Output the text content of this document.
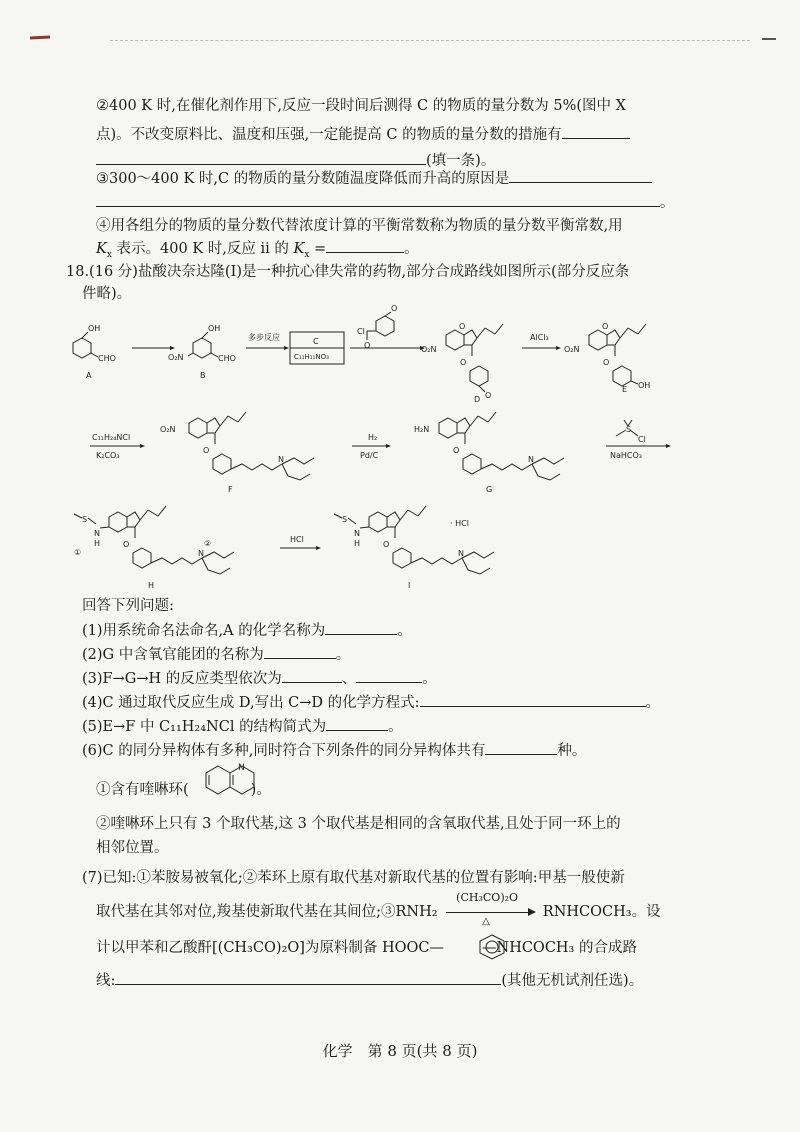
②400 K 时,在催化剂作用下,反应一段时间后测得 C 的物质的量分数为 5%(图中 X
点)。不改变原料比、温度和压强,一定能提高 C 的物质的量分数的措施有
(填一条)。
③300～400 K 时,C 的物质的量分数随温度降低而升高的原因是
。
④用各组分的物质的量分数代替浓度计算的平衡常数称为物质的量分数平衡常数,用
$K_x$ 表示。400 K 时,反应 ii 的 $K_x$ =	。
18.(16 分)盐酸决奈达隆(I)是一种抗心律失常的药物,部分合成路线如图所示(部分反应条
件略)。
OH
CHO
A
OH
CHO
O₂N
B
多步反应	C
C₁₁H₁₁NO₃
Cl
O
O
O
O₂N
O
O
D
AlCl₃
O
O₂N
O
OH
E
C₁₁H₂₄NCl
K₂CO₃
O₂N
O
N
F
H₂
Pd/C
H₂N
O
N
G
S
Cl
NaHCO₃
S
N
H
①
O
N
②
H
HCl
S
N
H	O
N
· HCl
I
回答下列问题:
(1)用系统命名法命名,A 的化学名称为	。
(2)G 中含氧官能团的名称为	。
(3)F→G→H 的反应类型依次为	、	。
(4)C 通过取代反应生成 D,写出 C→D 的化学方程式:	。
(5)E→F 中 C₁₁H₂₄NCl 的结构简式为	。
(6)C 的同分异构体有多种,同时符合下列条件的同分异构体共有	种。
①含有喹啉环(	)。
N
②喹啉环上只有 3 个取代基,这 3 个取代基是相同的含氧取代基,且处于同一环上的
相邻位置。
(7)已知:①苯胺易被氧化;②苯环上原有取代基对新取代基的位置有影响:甲基一般使新
取代基在其邻对位,羧基使新取代基在其间位;③RNH₂
(CH₃CO)₂O
△
RNHCOCH₃。设
计以甲苯和乙酸酐[(CH₃CO)₂O]为原料制备 HOOC—	—NHCOCH₃ 的合成路
线:	(其他无机试剂任选)。
化学　第 8 页(共 8 页)
